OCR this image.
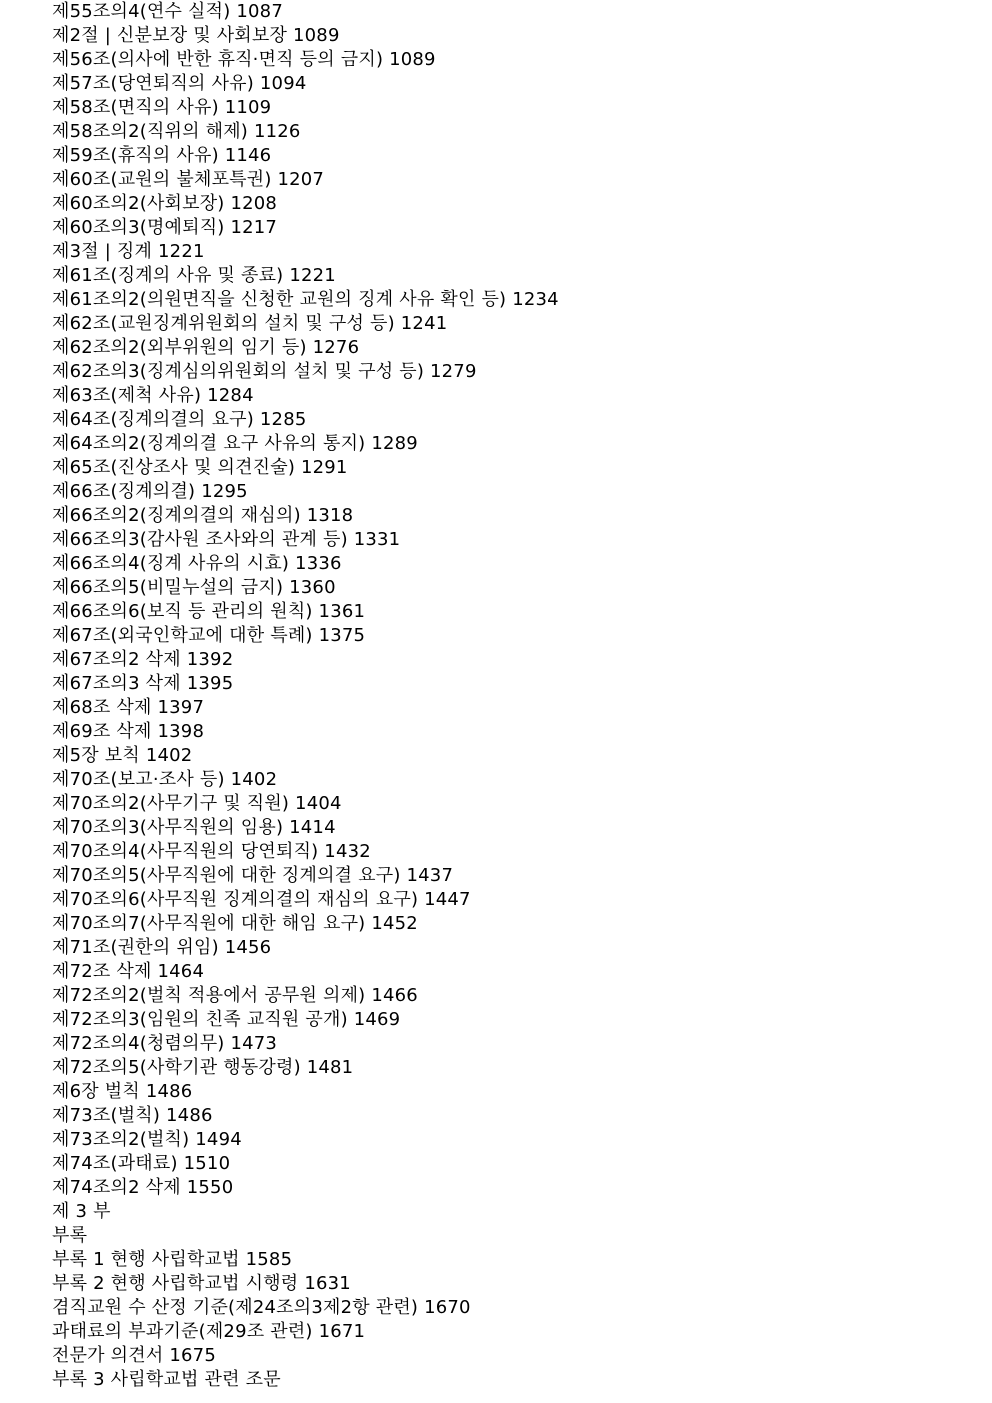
제55조의4(연수 실적) 1087
제2절 | 신분보장 및 사회보장 1089
제56조(의사에 반한 휴직·면직 등의 금지) 1089
제57조(당연퇴직의 사유) 1094
제58조(면직의 사유) 1109
제58조의2(직위의 해제) 1126
제59조(휴직의 사유) 1146
제60조(교원의 불체포특권) 1207
제60조의2(사회보장) 1208
제60조의3(명예퇴직) 1217
제3절 | 징계 1221
제61조(징계의 사유 및 종료) 1221
제61조의2(의원면직을 신청한 교원의 징계 사유 확인 등) 1234
제62조(교원징계위원회의 설치 및 구성 등) 1241
제62조의2(외부위원의 임기 등) 1276
제62조의3(징계심의위원회의 설치 및 구성 등) 1279
제63조(제척 사유) 1284
제64조(징계의결의 요구) 1285
제64조의2(징계의결 요구 사유의 통지) 1289
제65조(진상조사 및 의견진술) 1291
제66조(징계의결) 1295
제66조의2(징계의결의 재심의) 1318
제66조의3(감사원 조사와의 관계 등) 1331
제66조의4(징계 사유의 시효) 1336
제66조의5(비밀누설의 금지) 1360
제66조의6(보직 등 관리의 원칙) 1361
제67조(외국인학교에 대한 특례) 1375
제67조의2 삭제 1392
제67조의3 삭제 1395
제68조 삭제 1397
제69조 삭제 1398
제5장 보칙 1402
제70조(보고·조사 등) 1402
제70조의2(사무기구 및 직원) 1404
제70조의3(사무직원의 임용) 1414
제70조의4(사무직원의 당연퇴직) 1432
제70조의5(사무직원에 대한 징계의결 요구) 1437
제70조의6(사무직원 징계의결의 재심의 요구) 1447
제70조의7(사무직원에 대한 해임 요구) 1452
제71조(권한의 위임) 1456
제72조 삭제 1464
제72조의2(벌칙 적용에서 공무원 의제) 1466
제72조의3(임원의 친족 교직원 공개) 1469
제72조의4(청렴의무) 1473
제72조의5(사학기관 행동강령) 1481
제6장 벌칙 1486
제73조(벌칙) 1486
제73조의2(벌칙) 1494
제74조(과태료) 1510
제74조의2 삭제 1550
제 3 부
부록
부록 1 현행 사립학교법 1585
부록 2 현행 사립학교법 시행령 1631
겸직교원 수 산정 기준(제24조의3제2항 관련) 1670
과태료의 부과기준(제29조 관련) 1671
전문가 의견서 1675
부록 3 사립학교법 관련 조문
